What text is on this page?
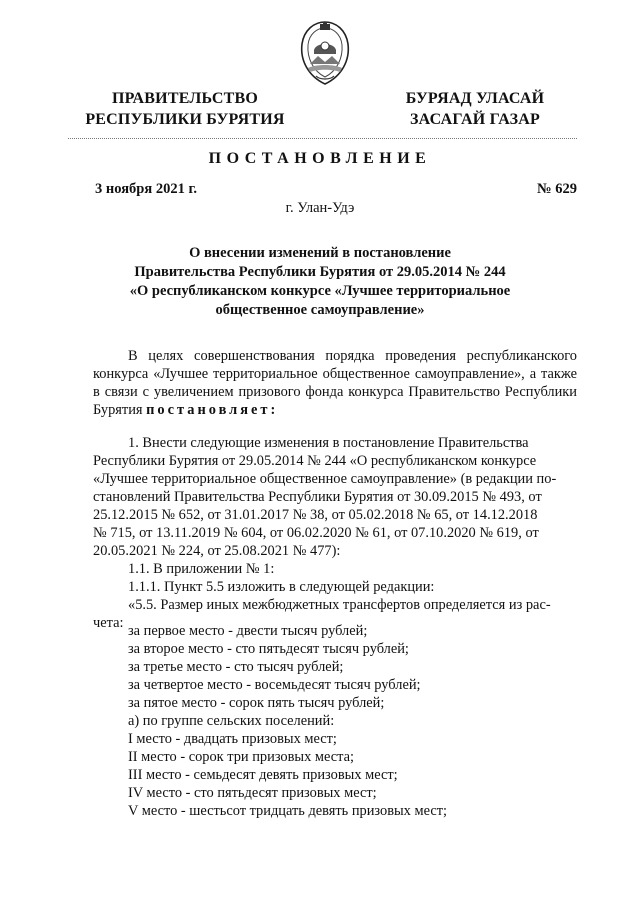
ПРАВИТЕЛЬСТВО
РЕСПУБЛИКИ БУРЯТИЯ
БУРЯАД УЛАСАЙ
ЗАСАГАЙ ГАЗАР
ПОСТАНОВЛЕНИЕ
3 ноября 2021 г.	№ 629
г. Улан-Удэ
О внесении изменений в постановление
Правительства Республики Бурятия от 29.05.2014 № 244
«О республиканском конкурсе «Лучшее территориальное
общественное самоуправление»

В целях совершенствования порядка проведения республиканского конкурса «Лучшее территориальное общественное самоуправление», а также в связи с увеличением призового фонда конкурса Правительство Республики Бурятия постановляет:

1. Внести следующие изменения в постановление Правительства
Республики Бурятия от 29.05.2014 № 244 «О республиканском конкурсе
«Лучшее территориальное общественное самоуправление» (в редакции по-
становлений Правительства Республики Бурятия от 30.09.2015 № 493, от
25.12.2015 № 652, от 31.01.2017 № 38, от 05.02.2018 № 65, от 14.12.2018
№ 715, от 13.11.2019 № 604, от 06.02.2020 № 61, от 07.10.2020 № 619, от
20.05.2021 № 224, от 25.08.2021 № 477):
1.1. В приложении № 1:
1.1.1. Пункт 5.5 изложить в следующей редакции:
«5.5. Размер иных межбюджетных трансфертов определяется из рас-
чета: за первое место - двести тысяч рублей;
за второе место - сто пятьдесят тысяч рублей;
за третье место - сто тысяч рублей;
за четвертое место - восемьдесят тысяч рублей;
за пятое место - сорок пять тысяч рублей;
а) по группе сельских поселений:
I место - двадцать призовых мест;
II место - сорок три призовых места;
III место - семьдесят девять призовых мест;
IV место - сто пятьдесят призовых мест;
V место - шестьсот тридцать девять призовых мест;
